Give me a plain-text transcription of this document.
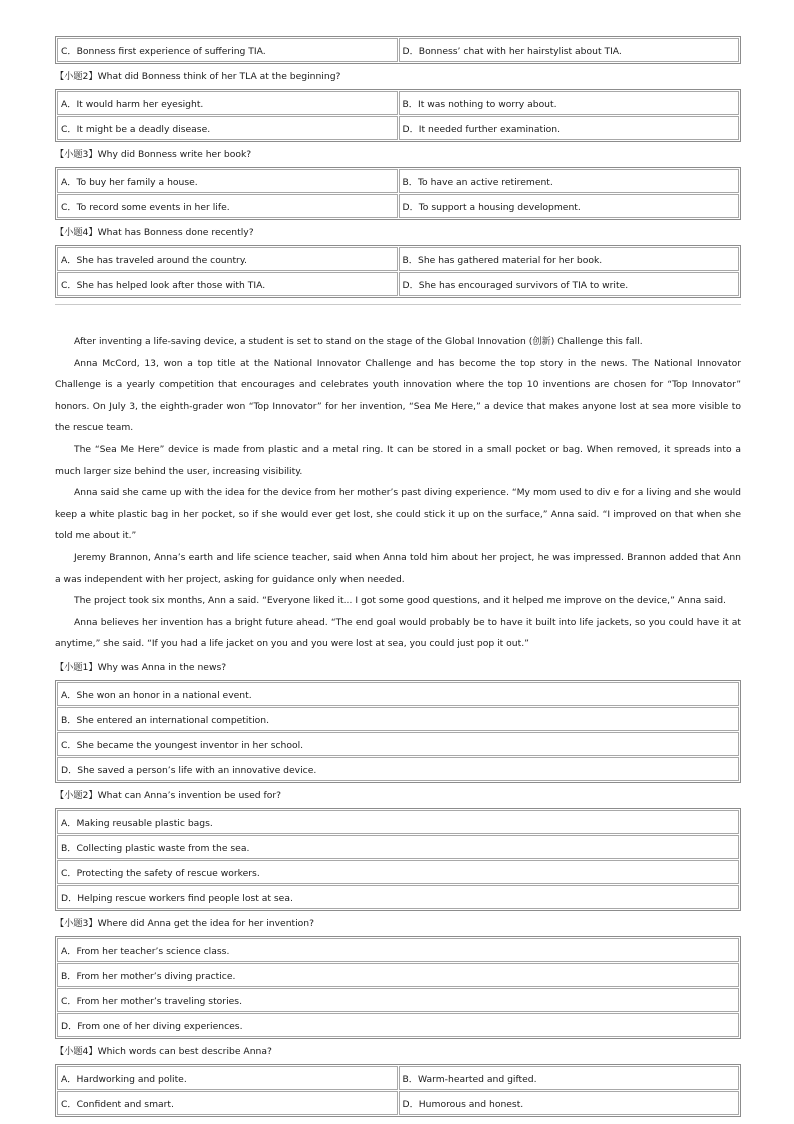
C．Bonness first experience of suffering TIA.	D．Bonness’ chat with her hairstylist about TIA.
【小题2】What did Bonness think of her TLA at the beginning?
A．It would harm her eyesight.	B．It was nothing to worry about.
C．It might be a deadly disease.	D．It needed further examination.
【小题3】Why did Bonness write her book?
A．To buy her family a house.	B．To have an active retirement.
C．To record some events in her life.	D．To support a housing development.
【小题4】What has Bonness done recently?
A．She has traveled around the country.	B．She has gathered material for her book.
C．She has helped look after those with TIA.	D．She has encouraged survivors of TIA to write.

After inventing a life-saving device, a student is set to stand on the stage of the Global Innovation (创新) Challenge this fall.

Anna McCord, 13, won a top title at the National Innovator Challenge and has become the top story in the news. The National Innovator Challenge is a yearly competition that encourages and celebrates youth innovation where the top 10 inventions are chosen for “Top Innovator” honors. On July 3, the eighth-grader won “Top Innovator” for her invention, “Sea Me Here,” a device that makes anyone lost at sea more visible to the rescue team.

The “Sea Me Here” device is made from plastic and a metal ring. It can be stored in a small pocket or bag. When removed, it spreads into a much larger size behind the user, increasing visibility.

Anna said she came up with the idea for the device from her mother’s past diving experience. “My mom used to div e for a living and she would keep a white plastic bag in her pocket, so if she would ever get lost, she could stick it up on the surface,” Anna said. “I improved on that when she told me about it.”

Jeremy Brannon, Anna’s earth and life science teacher, said when Anna told him about her project, he was impressed. Brannon added that Ann a was independent with her project, asking for guidance only when needed.

The project took six months, Ann a said. “Everyone liked it... I got some good questions, and it helped me improve on the device,” Anna said.

Anna believes her invention has a bright future ahead. “The end goal would probably be to have it built into life jackets, so you could have it at anytime,” she said. “If you had a life jacket on you and you were lost at sea, you could just pop it out.”

【小题1】Why was Anna in the news?
A．She won an honor in a national event.
B．She entered an international competition.
C．She became the youngest inventor in her school.
D．She saved a person’s life with an innovative device.
【小题2】What can Anna’s invention be used for?
A．Making reusable plastic bags.
B．Collecting plastic waste from the sea.
C．Protecting the safety of rescue workers.
D．Helping rescue workers find people lost at sea.
【小题3】Where did Anna get the idea for her invention?
A．From her teacher’s science class.
B．From her mother’s diving practice.
C．From her mother’s traveling stories.
D．From one of her diving experiences.
【小题4】Which words can best describe Anna?
A．Hardworking and polite.	B．Warm-hearted and gifted.
C．Confident and smart.	D．Humorous and honest.
